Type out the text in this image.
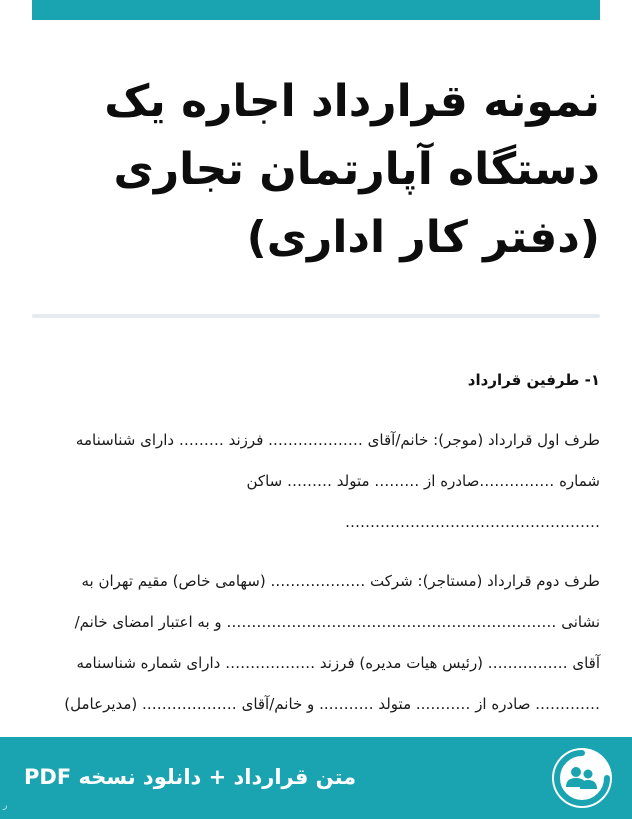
نمونه قرارداد اجاره یک دستگاه آپارتمان تجاری (دفتر کار اداری)

۱- طرفین قرارداد

طرف اول قرارداد (موجر): خانم/آقای ………………. فرزند ……… دارای شناسنامه
شماره ……………صادره از ……… متولد ……… ساکن
……………………………………………

طرف دوم قرارداد (مستاجر): شرکت ………………. (سهامی خاص) مقیم تهران به
نشانی ………………………………………………………… و به اعتبار امضای خانم/
آقای ……………. (رئیس هیات مدیره) فرزند ……………… دارای شماره شناسنامه
…………. صادره از ……….. متولد ……….. و خانم/آقای ………………. (مدیرعامل)

متن قرارداد + دانلود نسخه PDF

ر
